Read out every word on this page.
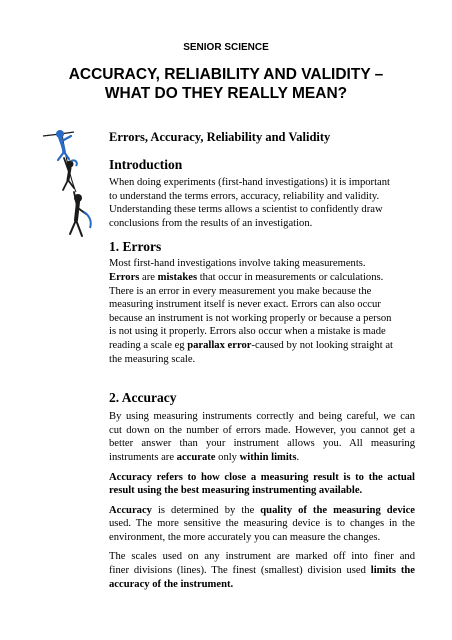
SENIOR SCIENCE
ACCURACY, RELIABILITY AND VALIDITY –
WHAT DO THEY REALLY MEAN?
Errors, Accuracy, Reliability and Validity
Introduction

When doing experiments (first-hand investigations) it is important
to understand the terms errors, accuracy, reliability and validity.
Understanding these terms allows a scientist to confidently draw
conclusions from the results of an investigation.

1. Errors

Most first-hand investigations involve taking measurements.
Errors are mistakes that occur in measurements or calculations.
There is an error in every measurement you make because the
measuring instrument itself is never exact. Errors can also occur
because an instrument is not working properly or because a person
is not using it properly. Errors also occur when a mistake is made
reading a scale eg parallax error-caused by not looking straight at
the measuring scale.

2. Accuracy

By using measuring instruments correctly and being careful, we can
cut down on the number of errors made. However, you cannot get a
better answer than your instrument allows you. All measuring
instruments are accurate only within limits.

Accuracy refers to how close a measuring result is to the actual
result using the best measuring instrumenting available.

Accuracy is determined by the quality of the measuring device
used. The more sensitive the measuring device is to changes in the
environment, the more accurately you can measure the changes.

The scales used on any instrument are marked off into finer and
finer divisions (lines). The finest (smallest) division used limits the
accuracy of the instrument.
